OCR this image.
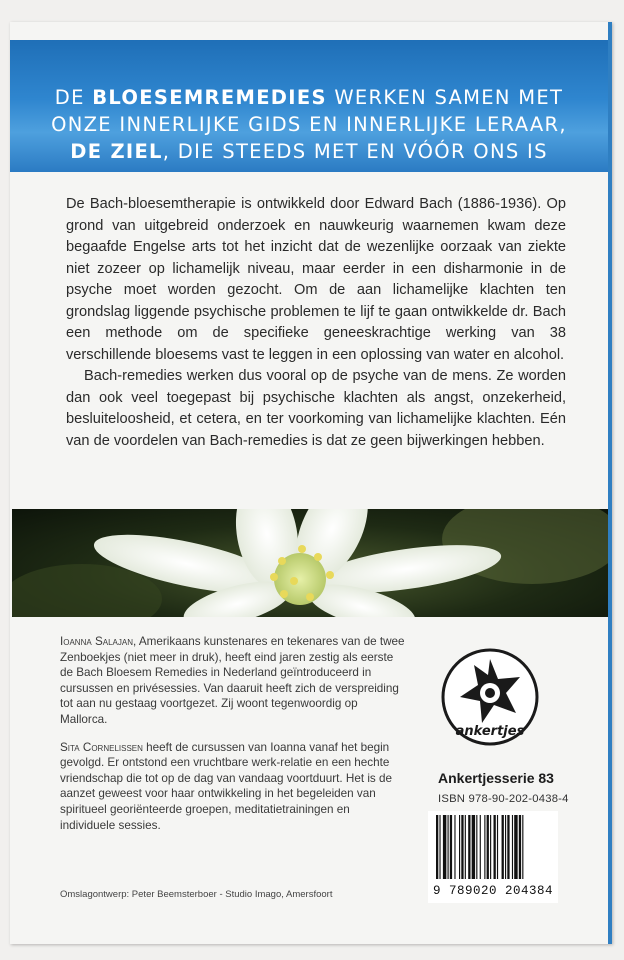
DE BLOESEMREMEDIES WERKEN SAMEN MET
ONZE INNERLIJKE GIDS EN INNERLIJKE LERAAR,
DE ZIEL, DIE STEEDS MET EN VÓÓR ONS IS

De Bach-bloesemtherapie is ontwikkeld door Edward Bach (1886-1936). Op grond van uitgebreid onderzoek en nauwkeurig waarnemen kwam deze begaafde Engelse arts tot het inzicht dat de wezenlijke oorzaak van ziekte niet zozeer op lichamelijk niveau, maar eerder in een disharmonie in de psyche moet worden gezocht. Om de aan lichamelijke klachten ten grondslag liggende psychische problemen te lijf te gaan ontwikkelde dr. Bach een methode om de specifieke geneeskrachtige werking van 38 verschillende bloesems vast te leggen in een oplossing van water en alcohol.

Bach-remedies werken dus vooral op de psyche van de mens. Ze worden dan ook veel toegepast bij psychische klachten als angst, onzekerheid, besluiteloosheid, et cetera, en ter voorkoming van lichamelijke klachten. Eén van de voordelen van Bach-remedies is dat ze geen bijwerkingen hebben.

Ioanna Salajan, Amerikaans kunstenares en tekenares van de twee Zenboekjes (niet meer in druk), heeft eind jaren zestig als eerste de Bach Bloesem Remedies in Nederland geïntroduceerd in cursussen en privésessies. Van daaruit heeft zich de verspreiding tot aan nu gestaag voortgezet. Zij woont tegenwoordig op Mallorca.

Sita Cornelissen heeft de cursussen van Ioanna vanaf het begin gevolgd. Er ontstond een vruchtbare werk-relatie en een hechte vriendschap die tot op de dag van vandaag voortduurt. Het is de aanzet geweest voor haar ontwikkeling in het begeleiden van spiritueel georiënteerde groepen, meditatietrainingen en individuele sessies.

ankertjes
Ankertjesserie 83
ISBN 978-90-202-0438-4
9 789020 204384
Omslagontwerp: Peter Beemsterboer - Studio Imago, Amersfoort
